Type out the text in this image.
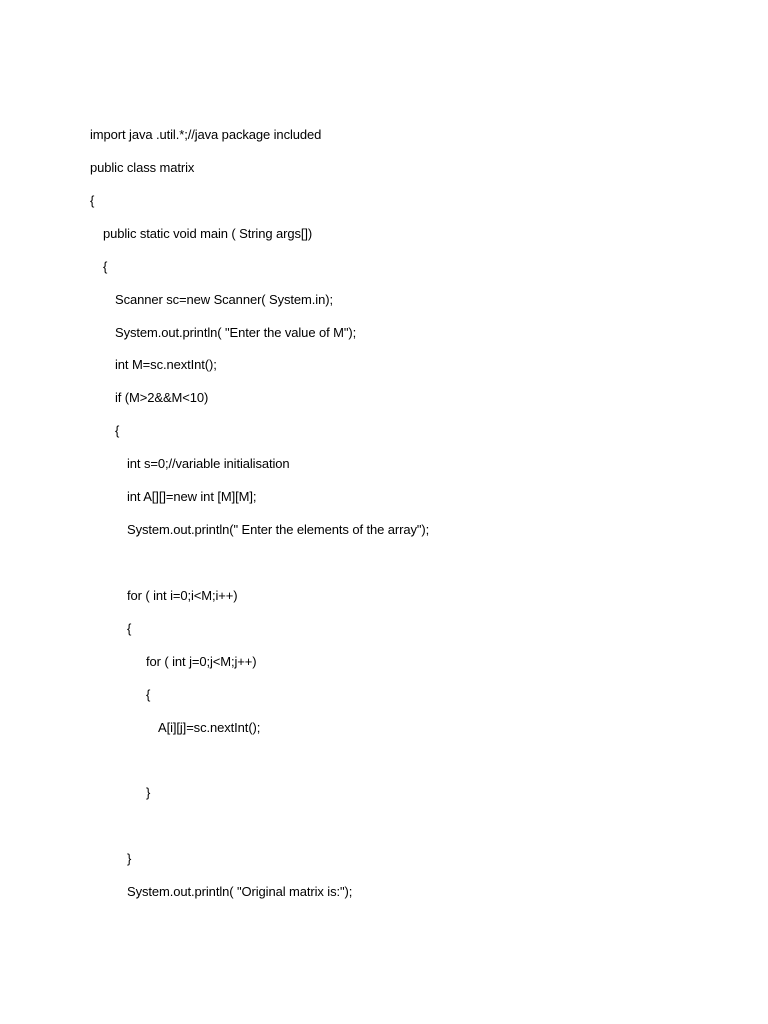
import java .util.*;//java package included
public class matrix
{
public static void main ( String args[])
{
Scanner sc=new Scanner( System.in);
System.out.println( "Enter the value of M");
int M=sc.nextInt();
if (M>2&&M<10)
{
int s=0;//variable initialisation
int A[][]=new int [M][M];
System.out.println(" Enter the elements of the array");
for ( int i=0;i<M;i++)
{
for ( int j=0;j<M;j++)
{
A[i][j]=sc.nextInt();
}
}
System.out.println( "Original matrix is:");
